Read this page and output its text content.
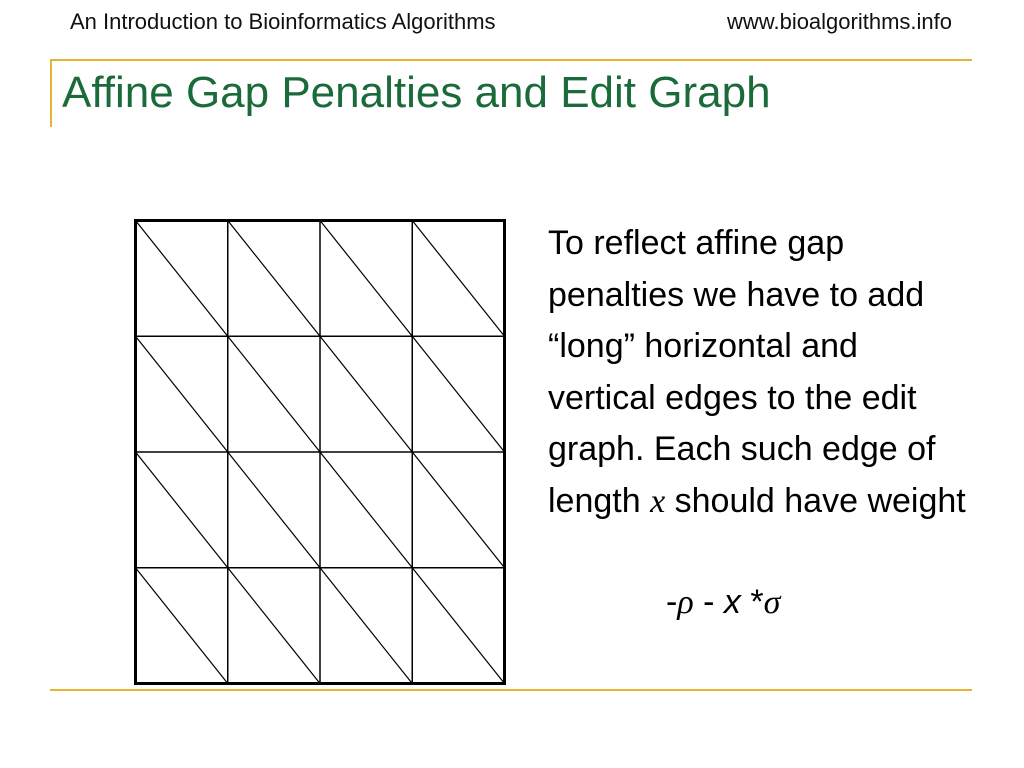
An Introduction to Bioinformatics Algorithms	www.bioalgorithms.info
Affine Gap Penalties and Edit Graph
To reflect affine gap penalties we have to add “long” horizontal and vertical edges to the edit graph. Each such edge of length x should have weight
-ρ - x *σ
